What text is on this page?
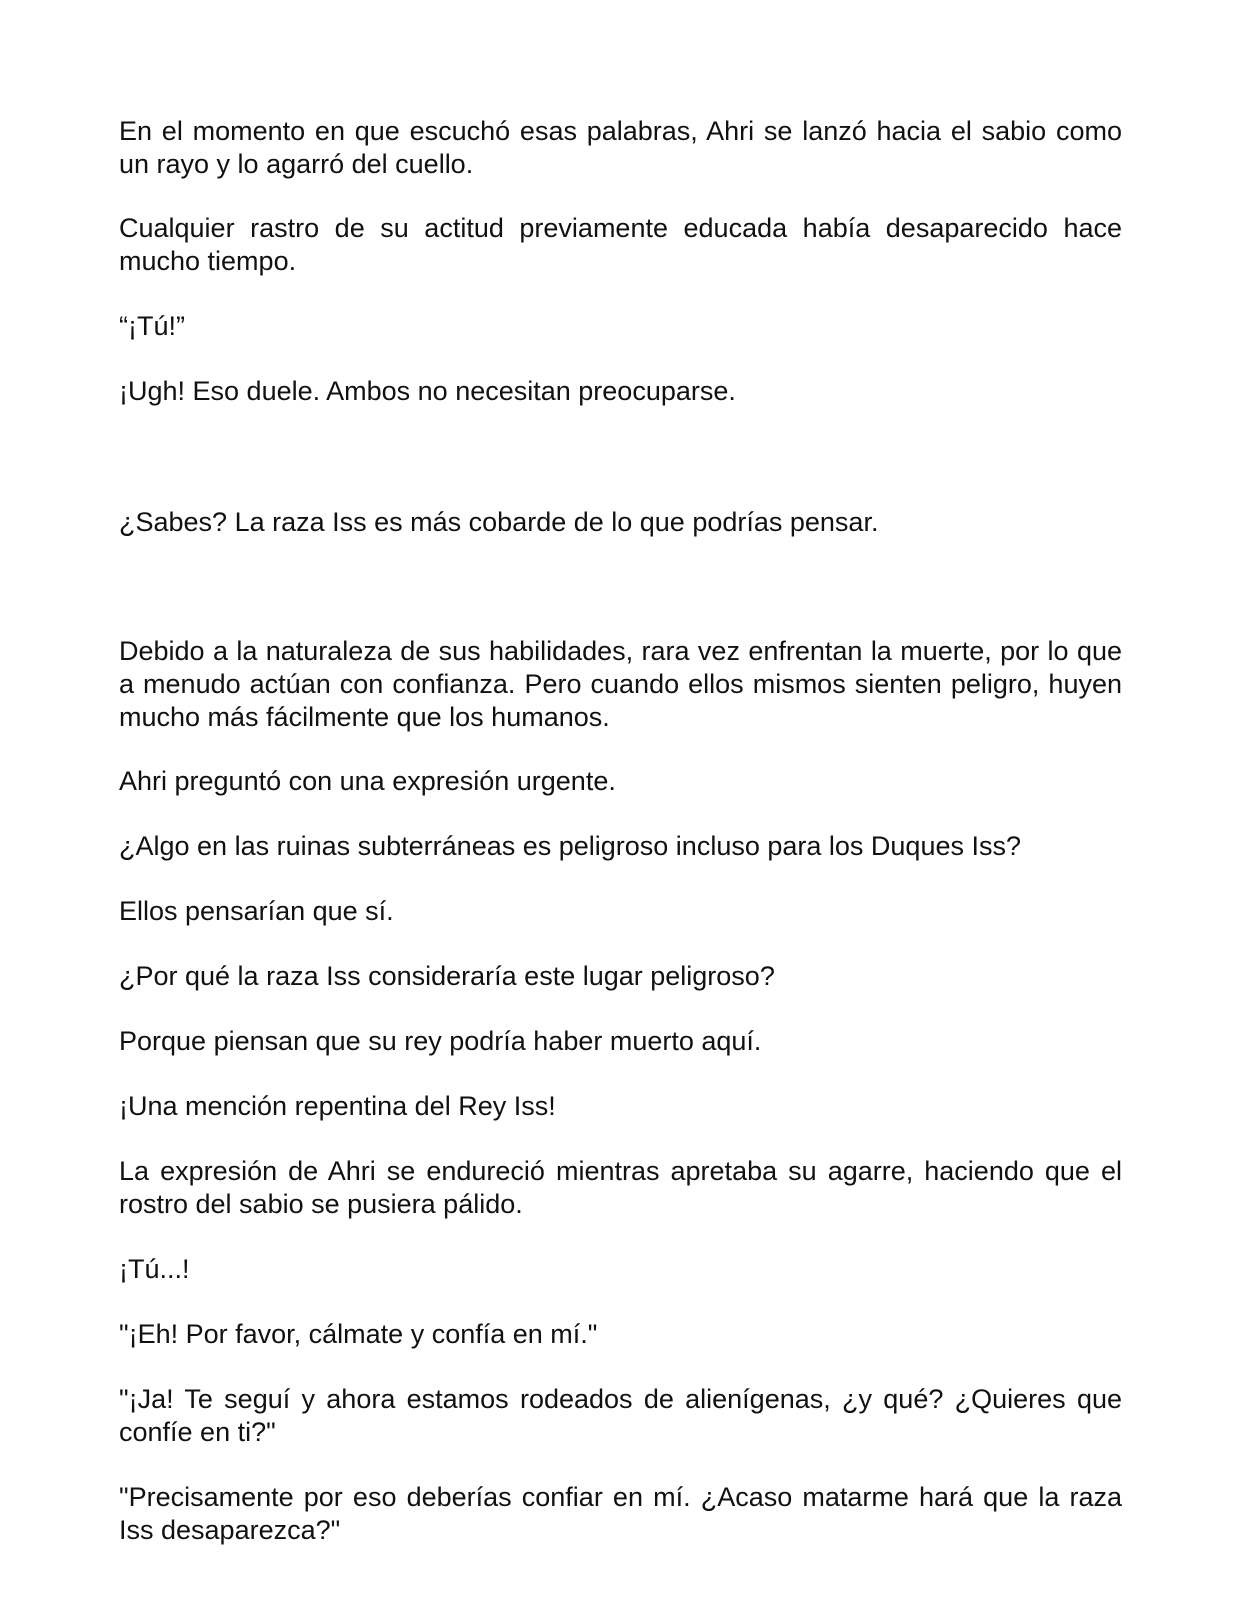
En el momento en que escuchó esas palabras, Ahri se lanzó hacia el sabio como un rayo y lo agarró del cuello.

Cualquier rastro de su actitud previamente educada había desaparecido hace mucho tiempo.

“¡Tú!”

¡Ugh! Eso duele. Ambos no necesitan preocuparse.

¿Sabes? La raza Iss es más cobarde de lo que podrías pensar.

Debido a la naturaleza de sus habilidades, rara vez enfrentan la muerte, por lo que a menudo actúan con confianza. Pero cuando ellos mismos sienten peligro, huyen mucho más fácilmente que los humanos.

Ahri preguntó con una expresión urgente.

¿Algo en las ruinas subterráneas es peligroso incluso para los Duques Iss?

Ellos pensarían que sí.

¿Por qué la raza Iss consideraría este lugar peligroso?

Porque piensan que su rey podría haber muerto aquí.

¡Una mención repentina del Rey Iss!

La expresión de Ahri se endureció mientras apretaba su agarre, haciendo que el rostro del sabio se pusiera pálido.

¡Tú...!

"¡Eh! Por favor, cálmate y confía en mí."

"¡Ja! Te seguí y ahora estamos rodeados de alienígenas, ¿y qué? ¿Quieres que confíe en ti?"

"Precisamente por eso deberías confiar en mí. ¿Acaso matarme hará que la raza Iss desaparezca?"
